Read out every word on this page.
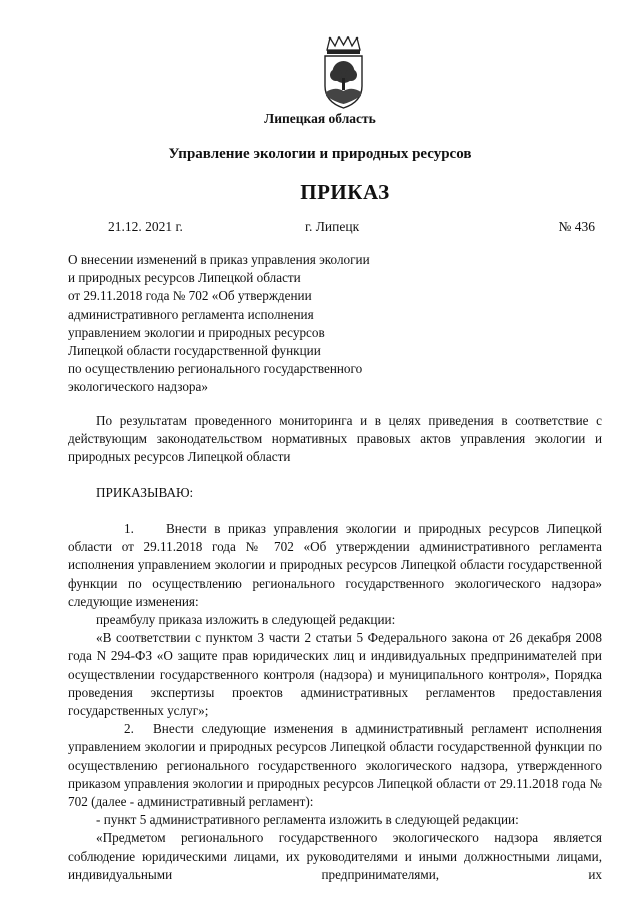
Липецкая область
Управление экологии и природных ресурсов
ПРИКАЗ
21.12. 2021 г.	г. Липецк	№ 436
О внесении изменений в приказ управления экологии
и природных ресурсов Липецкой области
от 29.11.2018 года № 702 «Об утверждении
административного регламента исполнения
управлением экологии и природных ресурсов
Липецкой области государственной функции
по осуществлению регионального государственного
экологического надзора»
По результатам проведенного мониторинга и в целях приведения в соответствие с действующим законодательством нормативных правовых актов управления экологии и природных ресурсов Липецкой области
ПРИКАЗЫВАЮ:

1. Внести в приказ управления экологии и природных ресурсов Липецкой области от 29.11.2018 года № 702 «Об утверждении административного регламента исполнения управлением экологии и природных ресурсов Липецкой области государственной функции по осуществлению регионального государственного экологического надзора» следующие изменения:

преамбулу приказа изложить в следующей редакции:

«В соответствии с пунктом 3 части 2 статьи 5 Федерального закона от 26 декабря 2008 года N 294-ФЗ «О защите прав юридических лиц и индивидуальных предпринимателей при осуществлении государственного контроля (надзора) и муниципального контроля», Порядка проведения экспертизы проектов административных регламентов предоставления государственных услуг»;

2. Внести следующие изменения в административный регламент исполнения управлением экологии и природных ресурсов Липецкой области государственной функции по осуществлению регионального государственного экологического надзора, утвержденного приказом управления экологии и природных ресурсов Липецкой области от 29.11.2018 года № 702 (далее - административный регламент):

- пункт 5 административного регламента изложить в следующей редакции:

«Предметом регионального государственного экологического надзора является соблюдение юридическими лицами, их руководителями и иными должностными лицами, индивидуальными предпринимателями, их
